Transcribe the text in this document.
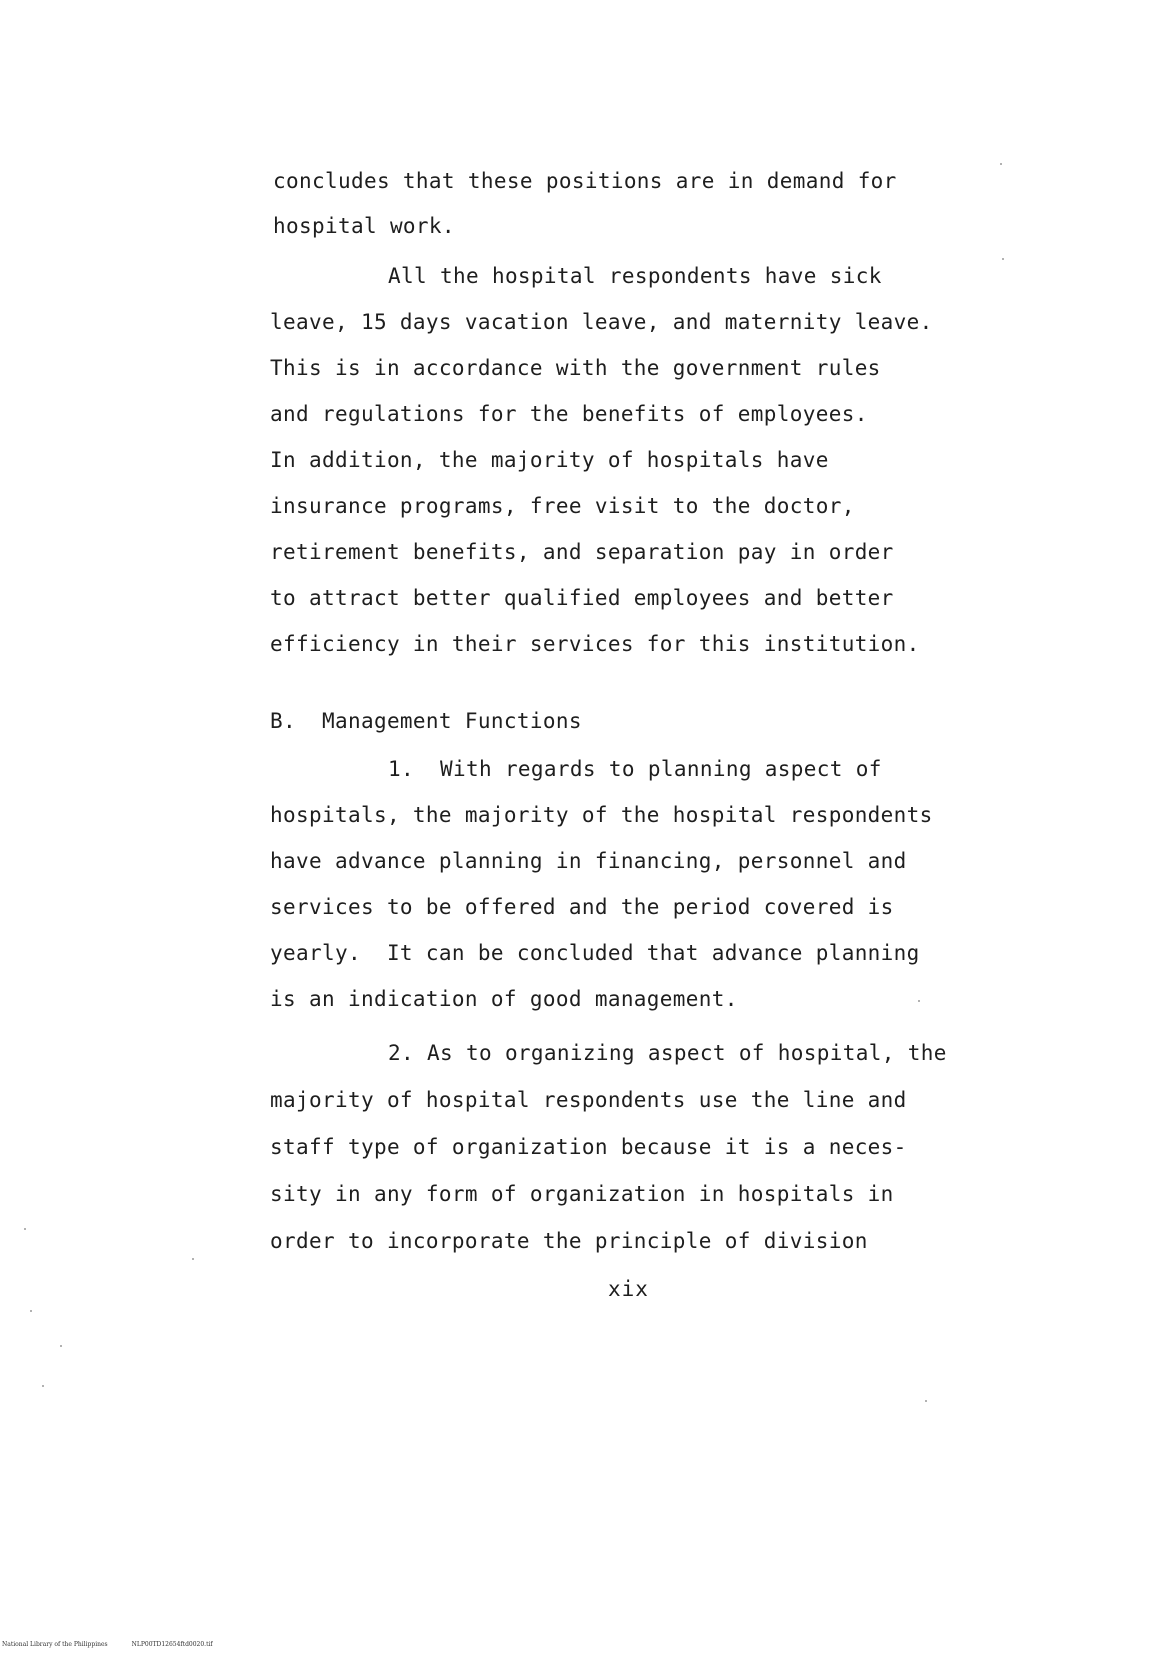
concludes that these positions are in demand for
hospital work.
All the hospital respondents have sick
leave, 15 days vacation leave, and maternity leave.
This is in accordance with the government rules
and regulations for the benefits of employees.
In addition, the majority of hospitals have
insurance programs, free visit to the doctor,
retirement benefits, and separation pay in order
to attract better qualified employees and better
efficiency in their services for this institution.
B.  Management Functions
1.  With regards to planning aspect of
hospitals, the majority of the hospital respondents
have advance planning in financing, personnel and
services to be offered and the period covered is
yearly.  It can be concluded that advance planning
is an indication of good management.
2. As to organizing aspect of hospital, the
majority of hospital respondents use the line and
staff type of organization because it is a neces-
sity in any form of organization in hospitals in
order to incorporate the principle of division
xix
National Library of the Philippines	NLP00TD12654ftd0020.tif
